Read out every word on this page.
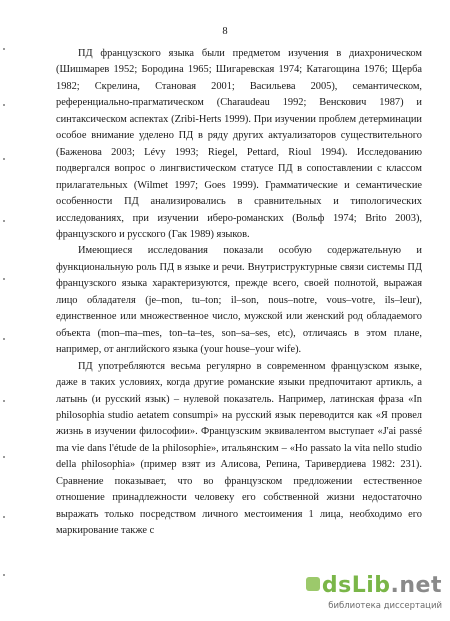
8

ПД французского языка были предметом изучения в диахроническом (Шишмарев 1952; Бородина 1965; Шигаревская 1974; Катагощина 1976; Щерба 1982; Скрелина, Становая 2001; Васильева 2005), семантическом, референциально-прагматическом (Charaudeau 1992; Венскович 1987) и синтаксическом аспектах (Zribi-Herts 1999). При изучении проблем детерминации особое внимание уделено ПД в ряду других актуализаторов существительного (Баженова 2003; Lévy 1993; Riegel, Pettard, Rioul 1994). Исследованию подвергался вопрос о лингвистическом статусе ПД в сопоставлении с классом прилагательных (Wilmet 1997; Goes 1999). Грамматические и семантические особенности ПД анализировались в сравнительных и типологических исследованиях, при изучении иберо-романских (Вольф 1974; Brito 2003), французского и русского (Гак 1989) языков.

Имеющиеся исследования показали особую содержательную и функциональную роль ПД в языке и речи. Внутриструктурные связи системы ПД французского языка характеризуются, прежде всего, своей полнотой, выражая лицо обладателя (je–mon, tu–ton; il–son, nous–notre, vous–votre, ils–leur), единственное или множественное число, мужской или женский род обладаемого объекта (mon–ma–mes, ton–ta–tes, son–sa–ses, etc), отличаясь в этом плане, например, от английского языка (your house–your wife).

ПД употребляются весьма регулярно в современном французском языке, даже в таких условиях, когда другие романские языки предпочитают артикль, а латынь (и русский язык) – нулевой показатель. Например, латинская фраза «In philosophia studio aetatem consumpi» на русский язык переводится как «Я провел жизнь в изучении философии». Французским эквивалентом выступает «J'ai passé ma vie dans l'étude de la philosophie», итальянским – «Ho passato la vita nello studio della philosophia» (пример взят из Алисова, Репина, Таривердиева 1982: 231). Сравнение показывает, что во французском предложении естественное отношение принадлежности человеку его собственной жизни недостаточно выражать только посредством личного местоимения 1 лица, необходимо его маркирование также с

dsLib.net
библиотека диссертаций
